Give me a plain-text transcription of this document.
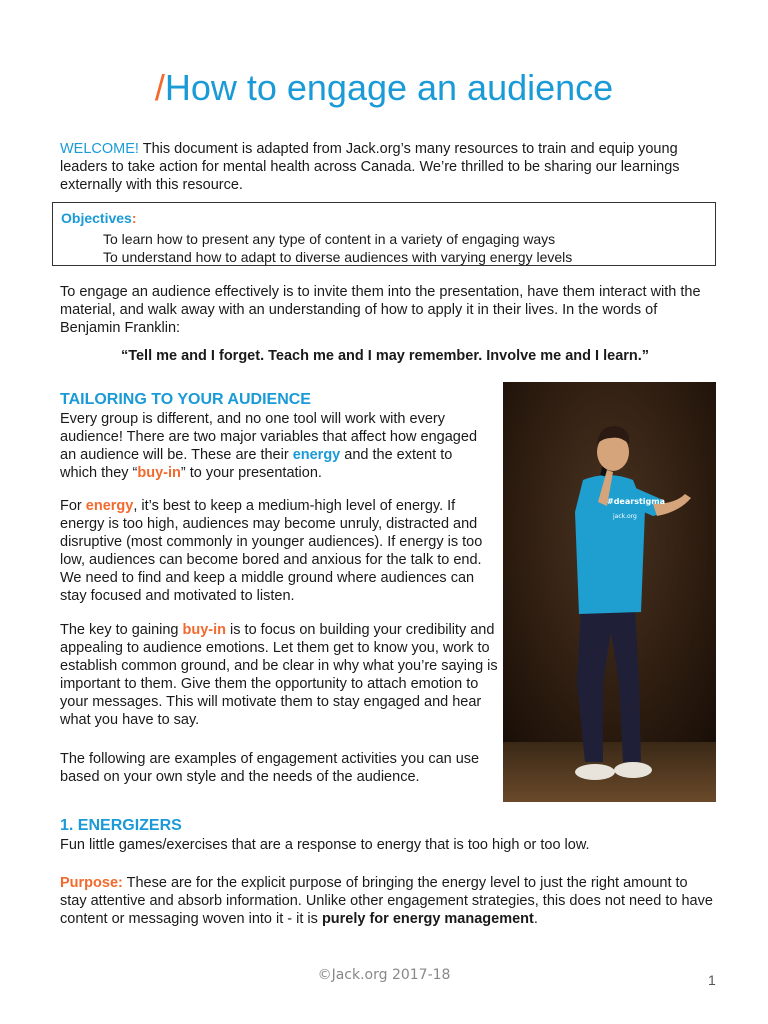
/How to engage an audience
WELCOME! This document is adapted from Jack.org’s many resources to train and equip young leaders to take action for mental health across Canada. We’re thrilled to be sharing our learnings externally with this resource.
Objectives:
To learn how to present any type of content in a variety of engaging ways
To understand how to adapt to diverse audiences with varying energy levels
To engage an audience effectively is to invite them into the presentation, have them interact with the material, and walk away with an understanding of how to apply it in their lives. In the words of Benjamin Franklin:
“Tell me and I forget. Teach me and I may remember. Involve me and I learn.”
TAILORING TO YOUR AUDIENCE
Every group is different, and no one tool will work with every audience! There are two major variables that affect how engaged an audience will be. These are their energy and the extent to which they “buy-in” to your presentation.
For energy, it’s best to keep a medium-high level of energy. If energy is too high, audiences may become unruly, distracted and disruptive (most commonly in younger audiences). If energy is too low, audiences can become bored and anxious for the talk to end. We need to find and keep a middle ground where audiences can stay focused and motivated to listen.
The key to gaining buy-in is to focus on building your credibility and appealing to audience emotions. Let them get to know you, work to establish common ground, and be clear in why what you’re saying is important to them. Give them the opportunity to attach emotion to your messages. This will motivate them to stay engaged and hear what you have to say.
The following are examples of engagement activities you can use based on your own style and the needs of the audience.
#dearstigma
jack.org
1. ENERGIZERS
Fun little games/exercises that are a response to energy that is too high or too low.
Purpose: These are for the explicit purpose of bringing the energy level to just the right amount to stay attentive and absorb information. Unlike other engagement strategies, this does not need to have content or messaging woven into it - it is purely for energy management.
©Jack.org 2017-18	1
